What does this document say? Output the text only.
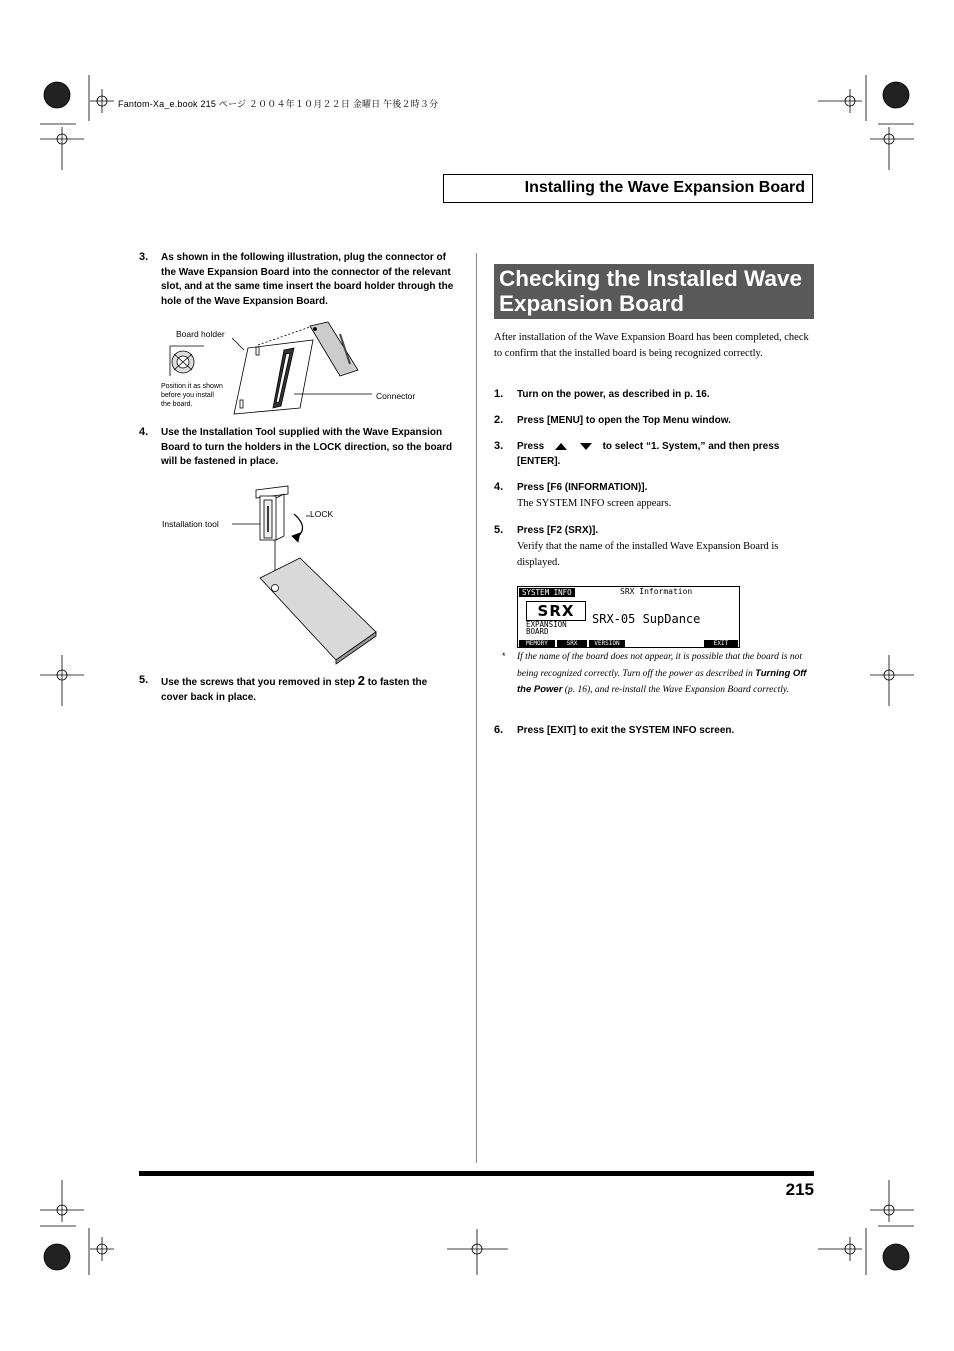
Fantom-Xa_e.book 215 ページ ２００４年１０月２２日 金曜日 午後２時３分
Installing the Wave Expansion Board
3. As shown in the following illustration, plug the connector of the Wave Expansion Board into the connector of the relevant slot, and at the same time insert the board holder through the hole of the Wave Expansion Board.
Board holder
Position it as shown
before you install
the board.
Connector
4. Use the Installation Tool supplied with the Wave Expansion Board to turn the holders in the LOCK direction, so the board will be fastened in place.
Installation tool
LOCK
5. Use the screws that you removed in step 2 to fasten the
cover back in place.
Checking the Installed Wave
Expansion Board
After installation of the Wave Expansion Board has been completed, check to confirm that the installed board is being recognized correctly.
1. Turn on the power, as described in p. 16.
2. Press [MENU] to open the Top Menu window.
3. Press	to select “1. System,” and then press
[ENTER].
4. Press [F6 (INFORMATION)].
The SYSTEM INFO screen appears.
5. Press [F2 (SRX)].
Verify that the name of the installed Wave Expansion Board is displayed.
SYSTEM INFO	SRX Information
SRX	SRX-05 SupDance
EXPANSION
BOARD
MEMORY	SRX	VERSION	EXIT
* If the name of the board does not appear, it is possible that the board is not being recognized correctly. Turn off the power as described in Turning Off the Power (p. 16), and re-install the Wave Expansion Board correctly.
6. Press [EXIT] to exit the SYSTEM INFO screen.
215
